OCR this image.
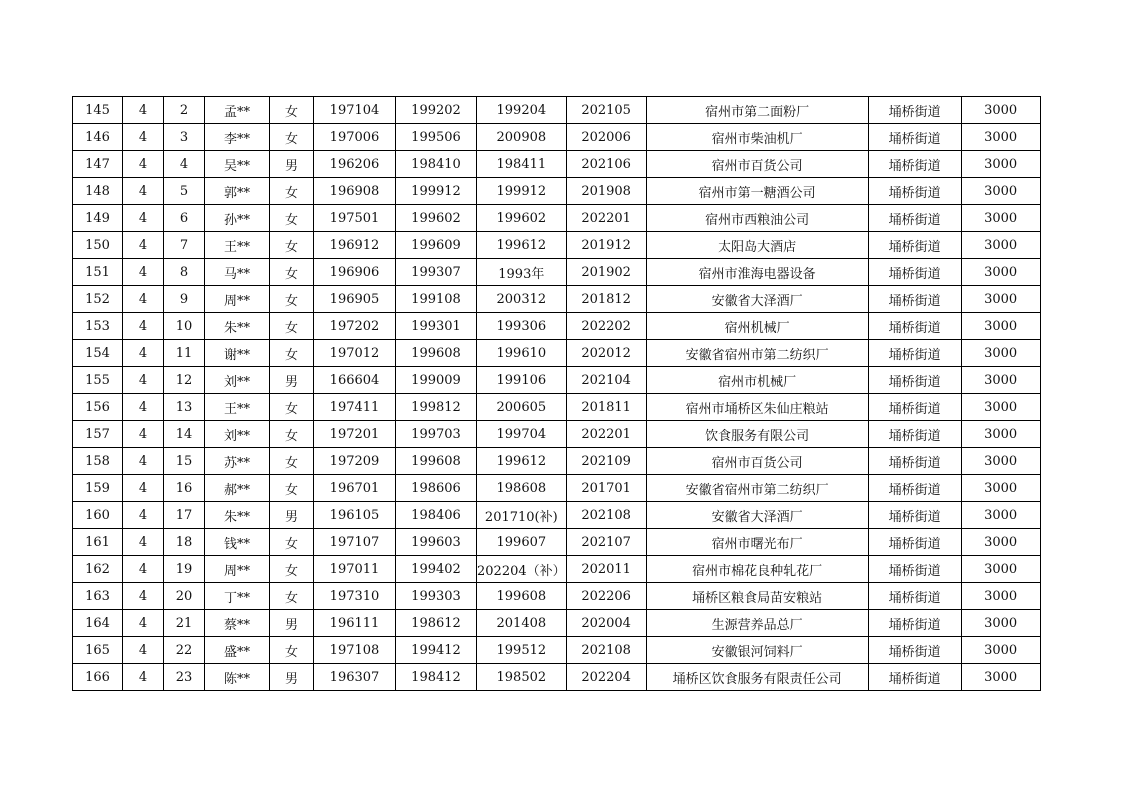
145	4	2	孟**	女	197104	199202	199204	202105	宿州市第二面粉厂	埇桥街道	3000
146	4	3	李**	女	197006	199506	200908	202006	宿州市柴油机厂	埇桥街道	3000
147	4	4	吴**	男	196206	198410	198411	202106	宿州市百货公司	埇桥街道	3000
148	4	5	郭**	女	196908	199912	199912	201908	宿州市第一糖酒公司	埇桥街道	3000
149	4	6	孙**	女	197501	199602	199602	202201	宿州市西粮油公司	埇桥街道	3000
150	4	7	王**	女	196912	199609	199612	201912	太阳岛大酒店	埇桥街道	3000
151	4	8	马**	女	196906	199307	1993年	201902	宿州市淮海电器设备	埇桥街道	3000
152	4	9	周**	女	196905	199108	200312	201812	安徽省大泽酒厂	埇桥街道	3000
153	4	10	朱**	女	197202	199301	199306	202202	宿州机械厂	埇桥街道	3000
154	4	11	谢**	女	197012	199608	199610	202012	安徽省宿州市第二纺织厂	埇桥街道	3000
155	4	12	刘**	男	166604	199009	199106	202104	宿州市机械厂	埇桥街道	3000
156	4	13	王**	女	197411	199812	200605	201811	宿州市埇桥区朱仙庄粮站	埇桥街道	3000
157	4	14	刘**	女	197201	199703	199704	202201	饮食服务有限公司	埇桥街道	3000
158	4	15	苏**	女	197209	199608	199612	202109	宿州市百货公司	埇桥街道	3000
159	4	16	郝**	女	196701	198606	198608	201701	安徽省宿州市第二纺织厂	埇桥街道	3000
160	4	17	朱**	男	196105	198406	201710(补)	202108	安徽省大泽酒厂	埇桥街道	3000
161	4	18	钱**	女	197107	199603	199607	202107	宿州市曙光布厂	埇桥街道	3000
162	4	19	周**	女	197011	199402	202204（补）	202011	宿州市棉花良种轧花厂	埇桥街道	3000
163	4	20	丁**	女	197310	199303	199608	202206	埇桥区粮食局苗安粮站	埇桥街道	3000
164	4	21	蔡**	男	196111	198612	201408	202004	生源营养品总厂	埇桥街道	3000
165	4	22	盛**	女	197108	199412	199512	202108	安徽银河饲料厂	埇桥街道	3000
166	4	23	陈**	男	196307	198412	198502	202204	埇桥区饮食服务有限责任公司	埇桥街道	3000
